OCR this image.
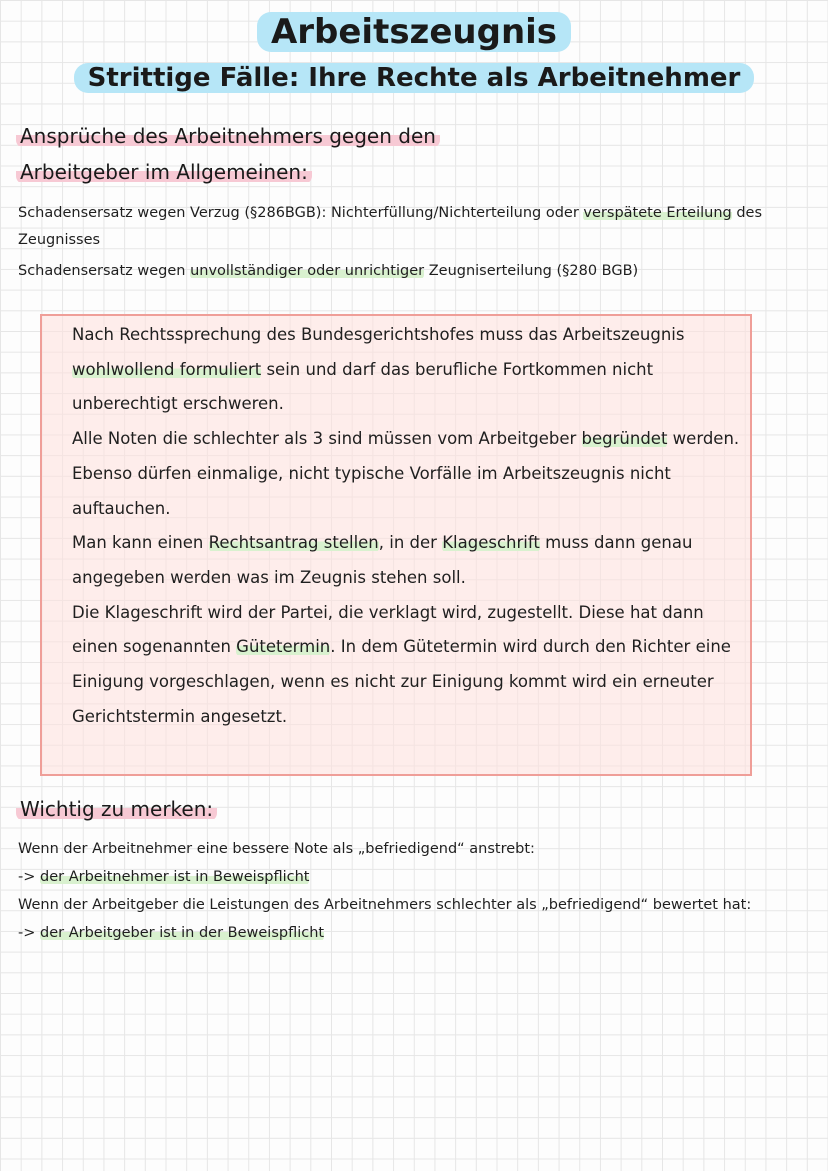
Arbeitszeugnis
Strittige Fälle: Ihre Rechte als Arbeitnehmer
Ansprüche des Arbeitnehmers gegen den
Arbeitgeber im Allgemeinen:

Schadensersatz wegen Verzug (§286BGB): Nichterfüllung/Nichterteilung oder verspätete Erteilung des Zeugnisses

Schadensersatz wegen unvollständiger oder unrichtiger Zeugniserteilung (§280 BGB)

Nach Rechtssprechung des Bundesgerichtshofes muss das Arbeitszeugnis wohlwollend formuliert sein und darf das berufliche Fortkommen nicht unberechtigt erschweren.

Alle Noten die schlechter als 3 sind müssen vom Arbeitgeber begründet werden.

Ebenso dürfen einmalige, nicht typische Vorfälle im Arbeitszeugnis nicht auftauchen.

Man kann einen Rechtsantrag stellen, in der Klageschrift muss dann genau angegeben werden was im Zeugnis stehen soll.

Die Klageschrift wird der Partei, die verklagt wird, zugestellt. Diese hat dann einen sogenannten Gütetermin. In dem Gütetermin wird durch den Richter eine Einigung vorgeschlagen, wenn es nicht zur Einigung kommt wird ein erneuter Gerichtstermin angesetzt.

Wichtig zu merken:

Wenn der Arbeitnehmer eine bessere Note als „befriedigend“ anstrebt:

-> der Arbeitnehmer ist in Beweispflicht

Wenn der Arbeitgeber die Leistungen des Arbeitnehmers schlechter als „befriedigend“ bewertet hat:

-> der Arbeitgeber ist in der Beweispflicht
